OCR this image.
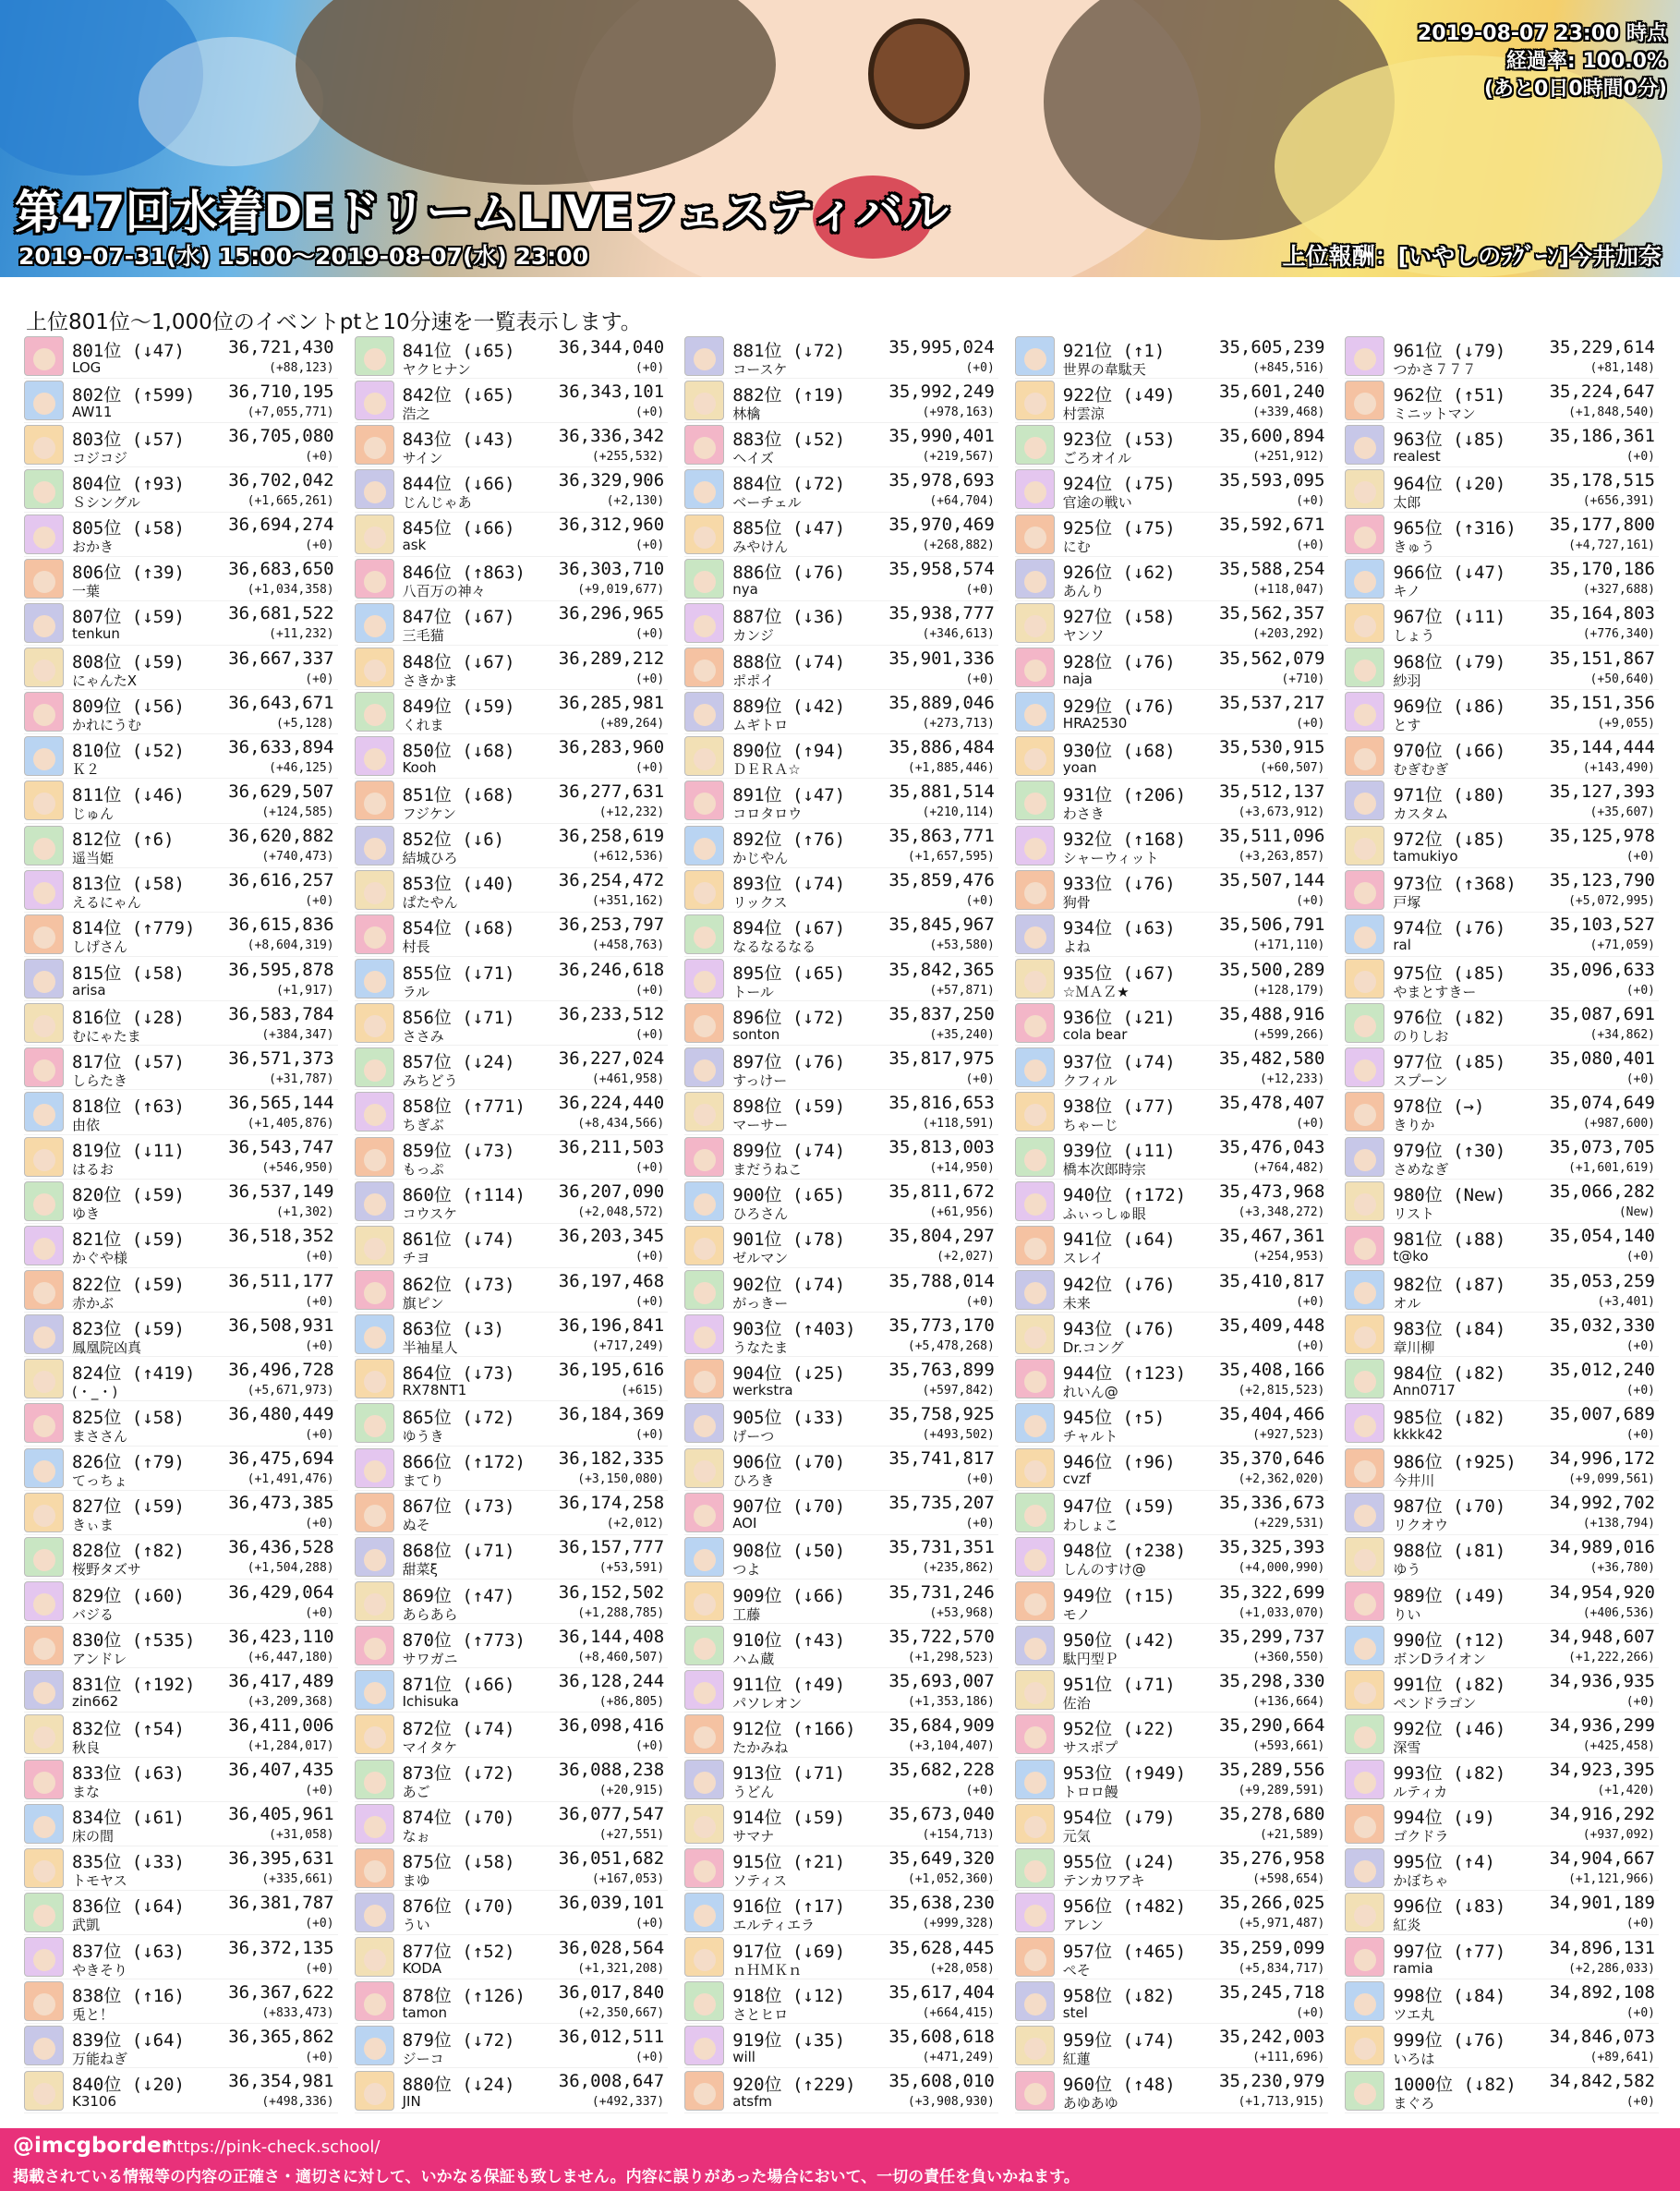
第47回水着DEドリームLIVEフェスティバル
2019-07-31(水) 15:00～2019-08-07(水) 23:00	上位報酬：[いやしのﾗｸﾞｰﾝ]今井加奈
2019-08-07 23:00 時点
経過率: 100.0%
(あと0日0時間0分)
上位801位～1,000位のイベントptと10分速を一覧表示します。
801位 (↓47) 36,721,430
LOG	(+88,123)
802位 (↑599) 36,710,195
AW11	(+7,055,771)
803位 (↓57) 36,705,080
コジコジ	(+0)
804位 (↑93) 36,702,042
Ｓシングル	(+1,665,261)
805位 (↓58) 36,694,274
おかき	(+0)
806位 (↑39) 36,683,650
一葉	(+1,034,358)
807位 (↓59) 36,681,522
tenkun	(+11,232)
808位 (↓59) 36,667,337
にゃんたX	(+0)
809位 (↓56) 36,643,671
かれにうむ	(+5,128)
810位 (↓52) 36,633,894
Ｋ２	(+46,125)
811位 (↓46) 36,629,507
じゅん	(+124,585)
812位 (↑6)	36,620,882
遥当姫	(+740,473)
813位 (↓58) 36,616,257
えるにゃん	(+0)
814位 (↑779) 36,615,836
しげさん	(+8,604,319)
815位 (↓58) 36,595,878
arisa	(+1,917)
816位 (↓28) 36,583,784
むにゃたま	(+384,347)
817位 (↓57) 36,571,373
しらたき	(+31,787)
818位 (↑63) 36,565,144
由依	(+1,405,876)
819位 (↓11) 36,543,747
はるお	(+546,950)
820位 (↓59) 36,537,149
ゆき	(+1,302)
821位 (↓59) 36,518,352
かぐや様	(+0)
822位 (↓59) 36,511,177
赤かぶ	(+0)
823位 (↓59) 36,508,931
鳳凰院凶真	(+0)
824位 (↑419) 36,496,728
(・_・)	(+5,671,973)
825位 (↓58) 36,480,449
まささん	(+0)
826位 (↑79) 36,475,694
てっちょ	(+1,491,476)
827位 (↓59) 36,473,385
きぃま	(+0)
828位 (↑82) 36,436,528
桜野タズサ	(+1,504,288)
829位 (↓60) 36,429,064
バジる	(+0)
830位 (↑535) 36,423,110
アンドレ	(+6,447,180)
831位 (↑192) 36,417,489
zin662	(+3,209,368)
832位 (↑54) 36,411,006
秋良	(+1,284,017)
833位 (↓63) 36,407,435
まな	(+0)
834位 (↓61) 36,405,961
床の間	(+31,058)
835位 (↓33) 36,395,631
トモヤス	(+335,661)
836位 (↓64) 36,381,787
武凱	(+0)
837位 (↓63) 36,372,135
やきそり	(+0)
838位 (↑16) 36,367,622
兎と！	(+833,473)
839位 (↓64) 36,365,862
万能ねぎ	(+0)
840位 (↓20) 36,354,981
K3106	(+498,336)
841位 (↓65) 36,344,040
ヤクヒナン	(+0)
842位 (↓65) 36,343,101
浩之	(+0)
843位 (↓43) 36,336,342
サイン	(+255,532)
844位 (↓66) 36,329,906
じんじゃあ	(+2,130)
845位 (↓66) 36,312,960
ask	(+0)
846位 (↑863) 36,303,710
八百万の神々	(+9,019,677)
847位 (↓67) 36,296,965
三毛猫	(+0)
848位 (↓67) 36,289,212
さきかま	(+0)
849位 (↓59) 36,285,981
くれま	(+89,264)
850位 (↓68) 36,283,960
Kooh	(+0)
851位 (↓68) 36,277,631
フジケン	(+12,232)
852位 (↓6)	36,258,619
結城ひろ	(+612,536)
853位 (↓40) 36,254,472
ぱたやん	(+351,162)
854位 (↓68) 36,253,797
村長	(+458,763)
855位 (↓71) 36,246,618
ラル	(+0)
856位 (↓71) 36,233,512
ささみ	(+0)
857位 (↓24) 36,227,024
みちどう	(+461,958)
858位 (↑771) 36,224,440
ちぎぶ	(+8,434,566)
859位 (↓73) 36,211,503
もっぷ	(+0)
860位 (↑114) 36,207,090
コウスケ	(+2,048,572)
861位 (↓74) 36,203,345
チヨ	(+0)
862位 (↓73) 36,197,468
旗ピン	(+0)
863位 (↓3)	36,196,841
半袖星人	(+717,249)
864位 (↓73) 36,195,616
RX78NT1	(+615)
865位 (↓72) 36,184,369
ゆうき	(+0)
866位 (↑172) 36,182,335
まてり	(+3,150,080)
867位 (↓73) 36,174,258
ぬそ	(+2,012)
868位 (↓71) 36,157,777
甜菜ξ	(+53,591)
869位 (↑47) 36,152,502
あらあら	(+1,288,785)
870位 (↑773) 36,144,408
サワガニ	(+8,460,507)
871位 (↓66) 36,128,244
Ichisuka	(+86,805)
872位 (↓74) 36,098,416
マイタケ	(+0)
873位 (↓72) 36,088,238
あご	(+20,915)
874位 (↓70) 36,077,547
なぉ	(+27,551)
875位 (↓58) 36,051,682
まゆ	(+167,053)
876位 (↓70) 36,039,101
うい	(+0)
877位 (↑52) 36,028,564
KODA	(+1,321,208)
878位 (↑126) 36,017,840
tamon	(+2,350,667)
879位 (↓72) 36,012,511
ジーコ	(+0)
880位 (↓24) 36,008,647
JIN	(+492,337)
881位 (↓72) 35,995,024
コースケ	(+0)
882位 (↑19) 35,992,249
林檎	(+978,163)
883位 (↓52) 35,990,401
ヘイズ	(+219,567)
884位 (↓72) 35,978,693
ベーチェル	(+64,704)
885位 (↓47) 35,970,469
みやけん	(+268,882)
886位 (↓76) 35,958,574
nya	(+0)
887位 (↓36) 35,938,777
カンジ	(+346,613)
888位 (↓74) 35,901,336
ポポイ	(+0)
889位 (↓42) 35,889,046
ムギトロ	(+273,713)
890位 (↑94) 35,886,484
ＤＥＲＡ☆	(+1,885,446)
891位 (↓47) 35,881,514
コロタロウ	(+210,114)
892位 (↑76) 35,863,771
かじやん	(+1,657,595)
893位 (↓74) 35,859,476
リックス	(+0)
894位 (↓67) 35,845,967
なるなるなる	(+53,580)
895位 (↓65) 35,842,365
トール	(+57,871)
896位 (↓72) 35,837,250
sonton	(+35,240)
897位 (↓76) 35,817,975
すっけー	(+0)
898位 (↓59) 35,816,653
マーサー	(+118,591)
899位 (↓74) 35,813,003
まだうねこ	(+14,950)
900位 (↓65) 35,811,672
ひろさん	(+61,956)
901位 (↓78) 35,804,297
ゼルマン	(+2,027)
902位 (↓74) 35,788,014
がっきー	(+0)
903位 (↑403) 35,773,170
うなたま	(+5,478,268)
904位 (↓25) 35,763,899
werkstra	(+597,842)
905位 (↓33) 35,758,925
げーつ	(+493,502)
906位 (↓70) 35,741,817
ひろき	(+0)
907位 (↓70) 35,735,207
AOI	(+0)
908位 (↓50) 35,731,351
つよ	(+235,862)
909位 (↓66) 35,731,246
工藤	(+53,968)
910位 (↑43) 35,722,570
ハム蔵	(+1,298,523)
911位 (↑49) 35,693,007
パソレオン	(+1,353,186)
912位 (↑166) 35,684,909
たかみね	(+3,104,407)
913位 (↓71) 35,682,228
うどん	(+0)
914位 (↓59) 35,673,040
サマナ	(+154,713)
915位 (↑21) 35,649,320
ソティス	(+1,052,360)
916位 (↑17) 35,638,230
エルティエラ	(+999,328)
917位 (↓69) 35,628,445
ｎＨＭＫｎ	(+28,058)
918位 (↓12) 35,617,404
さとヒロ	(+664,415)
919位 (↓35) 35,608,618
will	(+471,249)
920位 (↑229) 35,608,010
atsfm	(+3,908,930)
921位 (↑1)	35,605,239
世界の韋駄天	(+845,516)
922位 (↓49) 35,601,240
村雲涼	(+339,468)
923位 (↓53) 35,600,894
ごろオイル	(+251,912)
924位 (↓75) 35,593,095
官途の戦い	(+0)
925位 (↓75) 35,592,671
にむ	(+0)
926位 (↓62) 35,588,254
あんり	(+118,047)
927位 (↓58) 35,562,357
ヤンソ	(+203,292)
928位 (↓76) 35,562,079
naja	(+710)
929位 (↓76) 35,537,217
HRA2530	(+0)
930位 (↓68) 35,530,915
yoan	(+60,507)
931位 (↑206) 35,512,137
わさき	(+3,673,912)
932位 (↑168) 35,511,096
シャーウィット	(+3,263,857)
933位 (↓76) 35,507,144
狗骨	(+0)
934位 (↓63) 35,506,791
よね	(+171,110)
935位 (↓67) 35,500,289
☆ＭＡＺ★	(+128,179)
936位 (↓21) 35,488,916
cola bear	(+599,266)
937位 (↓74) 35,482,580
クフィル	(+12,233)
938位 (↓77) 35,478,407
ちゃーじ	(+0)
939位 (↓11) 35,476,043
橋本次郎時宗	(+764,482)
940位 (↑172) 35,473,968
ふぃっしゅ眼	(+3,348,272)
941位 (↓64) 35,467,361
スレイ	(+254,953)
942位 (↓76) 35,410,817
未来	(+0)
943位 (↓76) 35,409,448
Dr.コング	(+0)
944位 (↑123) 35,408,166
れいん@	(+2,815,523)
945位 (↑5)	35,404,466
チャルト	(+927,523)
946位 (↑96) 35,370,646
cvzf	(+2,362,020)
947位 (↓59) 35,336,673
わしょこ	(+229,531)
948位 (↑238) 35,325,393
しんのすけ@	(+4,000,990)
949位 (↑15) 35,322,699
モノ	(+1,033,070)
950位 (↓42) 35,299,737
駄円型Ｐ	(+360,550)
951位 (↓71) 35,298,330
佐治	(+136,664)
952位 (↓22) 35,290,664
サスポプ	(+593,661)
953位 (↑949) 35,289,556
トロロ饅	(+9,289,591)
954位 (↓79) 35,278,680
元気	(+21,589)
955位 (↓24) 35,276,958
テンカワアキ	(+598,654)
956位 (↑482) 35,266,025
アレン	(+5,971,487)
957位 (↑465) 35,259,099
ぺそ	(+5,834,717)
958位 (↓82) 35,245,718
stel	(+0)
959位 (↓74) 35,242,003
紅蓮	(+111,696)
960位 (↑48) 35,230,979
あゆあゆ	(+1,713,915)
961位 (↓79) 35,229,614
つかさ７７７	(+81,148)
962位 (↑51) 35,224,647
ミニットマン	(+1,848,540)
963位 (↓85) 35,186,361
realest	(+0)
964位 (↓20) 35,178,515
太郎	(+656,391)
965位 (↑316) 35,177,800
きゅう	(+4,727,161)
966位 (↓47) 35,170,186
キノ	(+327,688)
967位 (↓11) 35,164,803
しょう	(+776,340)
968位 (↓79) 35,151,867
紗羽	(+50,640)
969位 (↓86) 35,151,356
とす	(+9,055)
970位 (↓66) 35,144,444
むぎむぎ	(+143,490)
971位 (↓80) 35,127,393
カスタム	(+35,607)
972位 (↓85) 35,125,978
tamukiyo	(+0)
973位 (↑368) 35,123,790
戸塚	(+5,072,995)
974位 (↓76) 35,103,527
ral	(+71,059)
975位 (↓85) 35,096,633
やまとすきー	(+0)
976位 (↓82) 35,087,691
のりしお	(+34,862)
977位 (↓85) 35,080,401
スプーン	(+0)
978位 (→)	35,074,649
きりか	(+987,600)
979位 (↑30) 35,073,705
さめなぎ	(+1,601,619)
980位 (New) 35,066,282
リスト	(New)
981位 (↓88) 35,054,140
t@ko	(+0)
982位 (↓87) 35,053,259
オル	(+3,401)
983位 (↓84) 35,032,330
章川柳	(+0)
984位 (↓82) 35,012,240
Ann0717	(+0)
985位 (↓82) 35,007,689
kkkk42	(+0)
986位 (↑925) 34,996,172
今井川	(+9,099,561)
987位 (↓70) 34,992,702
リクオウ	(+138,794)
988位 (↓81) 34,989,016
ゆう	(+36,780)
989位 (↓49) 34,954,920
りい	(+406,536)
990位 (↑12) 34,948,607
ボンDライオン	(+1,222,266)
991位 (↓82) 34,936,935
ペンドラゴン	(+0)
992位 (↓46) 34,936,299
深雪	(+425,458)
993位 (↓82) 34,923,395
ルティカ	(+1,420)
994位 (↓9)	34,916,292
ゴクドラ	(+937,092)
995位 (↑4)	34,904,667
かぼちゃ	(+1,121,966)
996位 (↓83) 34,901,189
紅炎	(+0)
997位 (↑77) 34,896,131
ramia	(+2,286,033)
998位 (↓84) 34,892,108
ツエ丸	(+0)
999位 (↓76) 34,846,073
いろは	(+89,641)
1000位 (↓82) 34,842,582
まぐろ	(+0)
@imcgborder
https://pink-check.school/
掲載されている情報等の内容の正確さ・適切さに対して、いかなる保証も致しません。内容に誤りがあった場合において、一切の責任を負いかねます。
